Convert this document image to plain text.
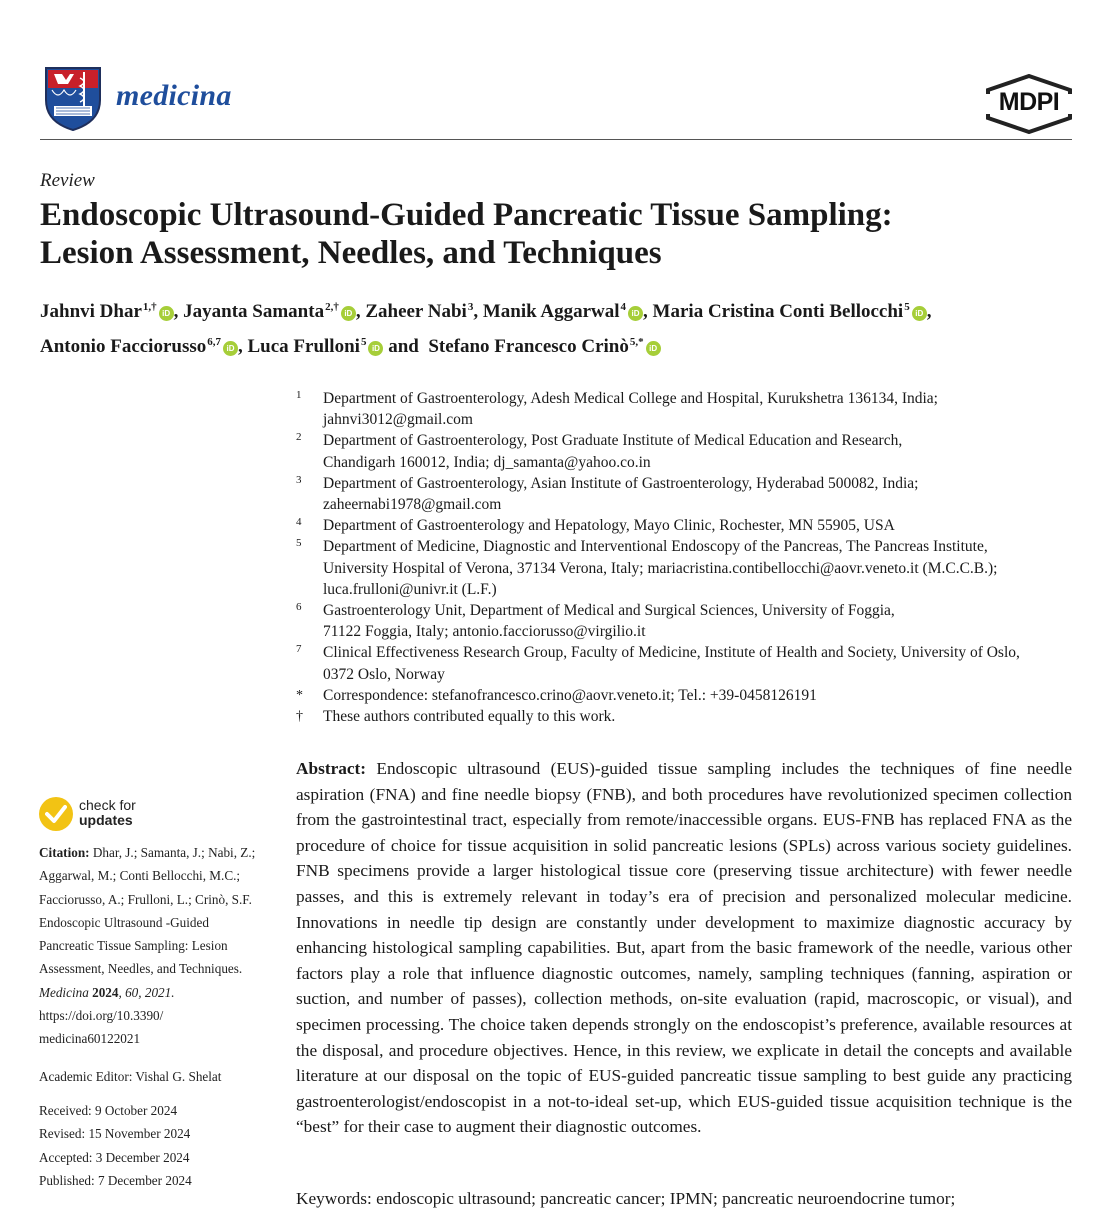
medicina	MDPI
Review
Endoscopic Ultrasound-Guided Pancreatic Tissue Sampling:
Lesion Assessment, Needles, and Techniques
Jahnvi Dhar$^{1,\dagger}$iD , Jayanta Samanta$^{2,\dagger}$iD , Zaheer Nabi$^3$, Manik Aggarwal$^4$iD , Maria Cristina Conti Bellocchi$^5$iD ,
Antonio Facciorusso$^{6,7}$iD , Luca Frulloni$^5$iD and  Stefano Francesco Crinò$^{5,*}$iD
1 Department of Gastroenterology, Adesh Medical College and Hospital, Kurukshetra 136134, India;
jahnvi3012@gmail.com
2 Department of Gastroenterology, Post Graduate Institute of Medical Education and Research,
Chandigarh 160012, India; dj_samanta@yahoo.co.in
3 Department of Gastroenterology, Asian Institute of Gastroenterology, Hyderabad 500082, India;
zaheernabi1978@gmail.com
4 Department of Gastroenterology and Hepatology, Mayo Clinic, Rochester, MN 55905, USA
5 Department of Medicine, Diagnostic and Interventional Endoscopy of the Pancreas, The Pancreas Institute,
University Hospital of Verona, 37134 Verona, Italy; mariacristina.contibellocchi@aovr.veneto.it (M.C.C.B.);
luca.frulloni@univr.it (L.F.)
6 Gastroenterology Unit, Department of Medical and Surgical Sciences, University of Foggia,
71122 Foggia, Italy; antonio.facciorusso@virgilio.it
7 Clinical Effectiveness Research Group, Faculty of Medicine, Institute of Health and Society, University of Oslo,
0372 Oslo, Norway
* Correspondence: stefanofrancesco.crino@aovr.veneto.it; Tel.: +39-0458126191
† These authors contributed equally to this work.
check for
updates

Citation: Dhar, J.; Samanta, J.; Nabi, Z.; Aggarwal, M.; Conti Bellocchi, M.C.; Facciorusso, A.; Frulloni, L.; Crinò, S.F. Endoscopic Ultrasound -Guided Pancreatic Tissue Sampling: Lesion Assessment, Needles, and Techniques. Medicina 2024, 60, 2021.
https://doi.org/10.3390/
medicina60122021

Academic Editor: Vishal G. Shelat

Received: 9 October 2024

Revised: 15 November 2024

Accepted: 3 December 2024

Published: 7 December 2024

Abstract: Endoscopic ultrasound (EUS)-guided tissue sampling includes the techniques of fine needle aspiration (FNA) and fine needle biopsy (FNB), and both procedures have revolutionized specimen collection from the gastrointestinal tract, especially from remote/inaccessible organs. EUS-FNB has replaced FNA as the procedure of choice for tissue acquisition in solid pancreatic lesions (SPLs) across various society guidelines. FNB specimens provide a larger histological tissue core (preserving tissue architecture) with fewer needle passes, and this is extremely relevant in today’s era of precision and personalized molecular medicine. Innovations in needle tip design are constantly under development to maximize diagnostic accuracy by enhancing histological sampling capabilities. But, apart from the basic framework of the needle, various other factors play a role that influence diagnostic outcomes, namely, sampling techniques (fanning, aspiration or suction, and number of passes), collection methods, on-site evaluation (rapid, macroscopic, or visual), and specimen processing. The choice taken depends strongly on the endoscopist’s preference, available resources at the disposal, and procedure objectives. Hence, in this review, we explicate in detail the concepts and available literature at our disposal on the topic of EUS-guided pancreatic tissue sampling to best guide any practicing gastroenterologist/endoscopist in a not-to-ideal set-up, which EUS-guided tissue acquisition technique is the “best” for their case to augment their diagnostic outcomes.

Keywords: endoscopic ultrasound; pancreatic cancer; IPMN; pancreatic neuroendocrine tumor;
